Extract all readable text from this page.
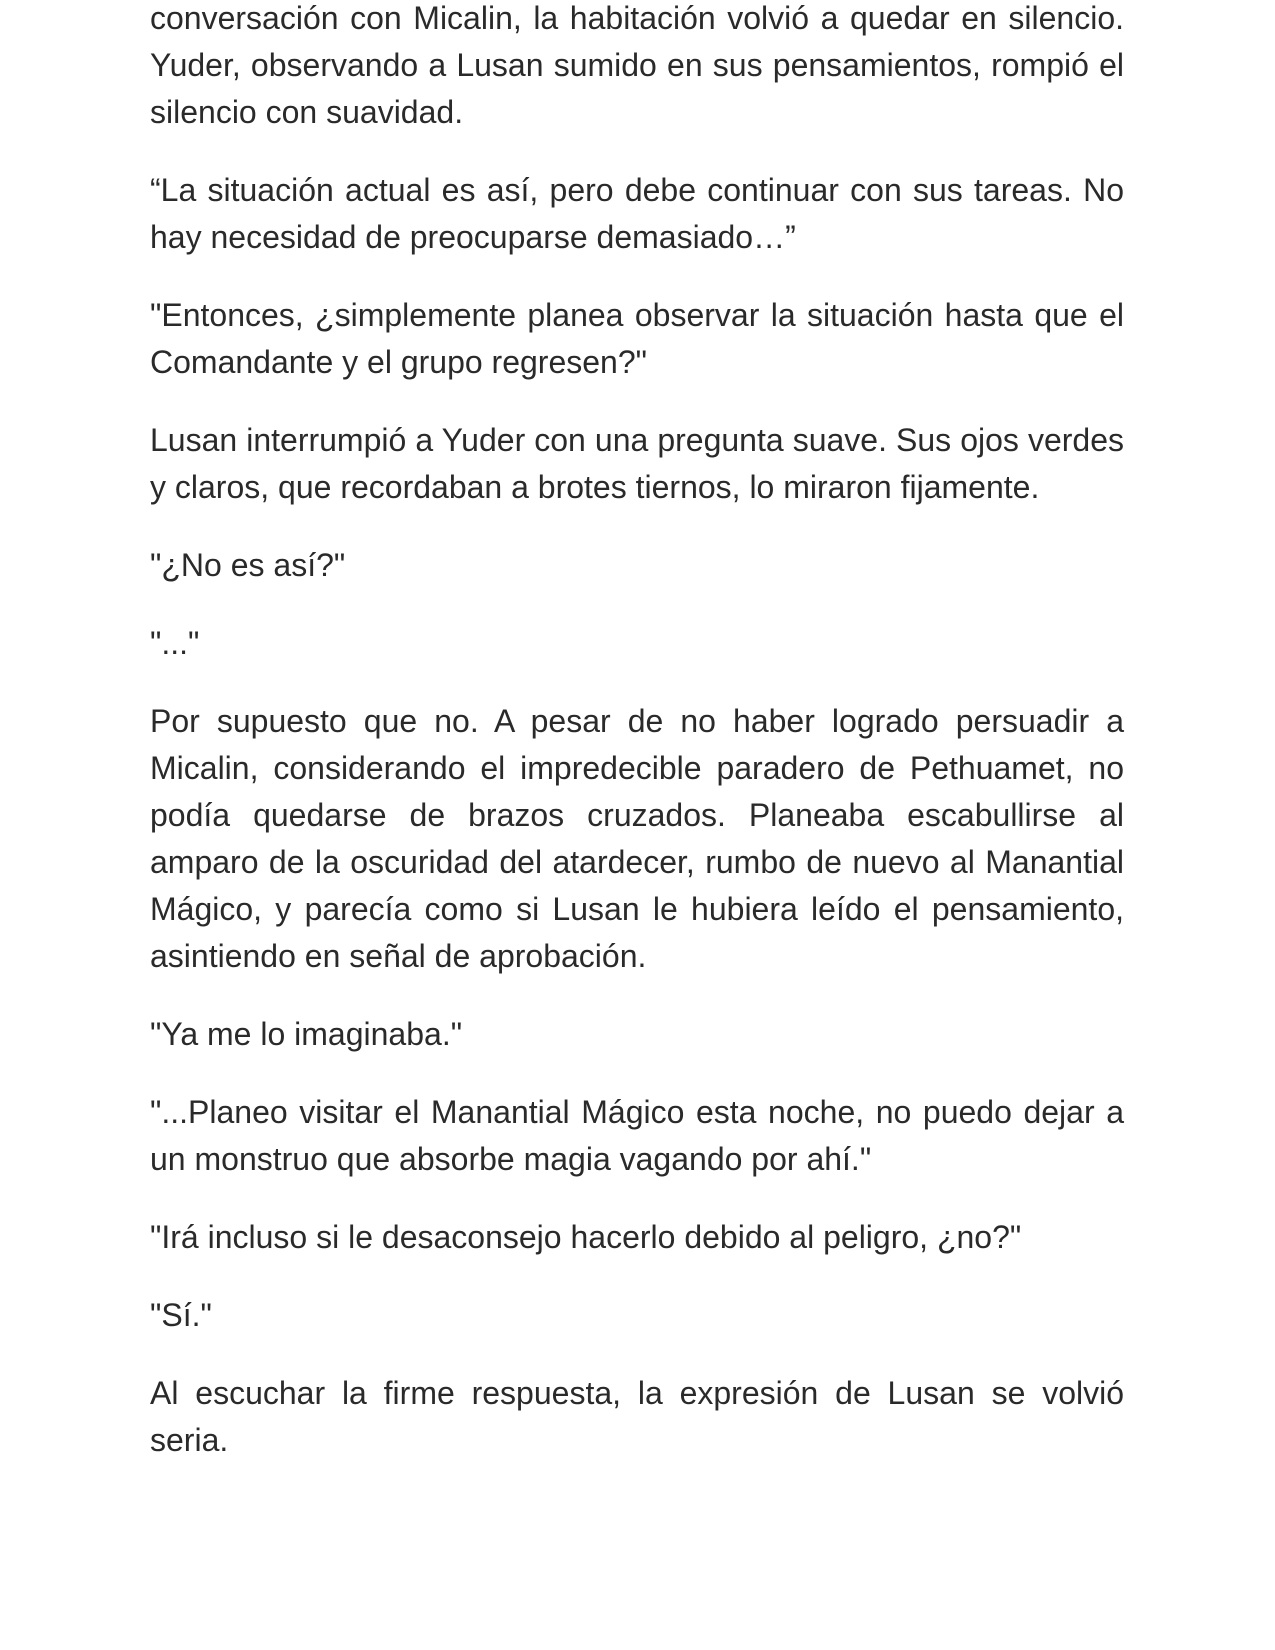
conversación con Micalin, la habitación volvió a quedar en silencio. Yuder, observando a Lusan sumido en sus pensamientos, rompió el silencio con suavidad.

“La situación actual es así, pero debe continuar con sus tareas. No hay necesidad de preocuparse demasiado…”

"Entonces, ¿simplemente planea observar la situación hasta que el Comandante y el grupo regresen?"

Lusan interrumpió a Yuder con una pregunta suave. Sus ojos verdes y claros, que recordaban a brotes tiernos, lo miraron fijamente.

"¿No es así?"

"..."

Por supuesto que no. A pesar de no haber logrado persuadir a Micalin, considerando el impredecible paradero de Pethuamet, no podía quedarse de brazos cruzados. Planeaba escabullirse al amparo de la oscuridad del atardecer, rumbo de nuevo al Manantial Mágico, y parecía como si Lusan le hubiera leído el pensamiento, asintiendo en señal de aprobación.

"Ya me lo imaginaba."

"...Planeo visitar el Manantial Mágico esta noche, no puedo dejar a un monstruo que absorbe magia vagando por ahí."

"Irá incluso si le desaconsejo hacerlo debido al peligro, ¿no?"

"Sí."

Al escuchar la firme respuesta, la expresión de Lusan se volvió seria.
